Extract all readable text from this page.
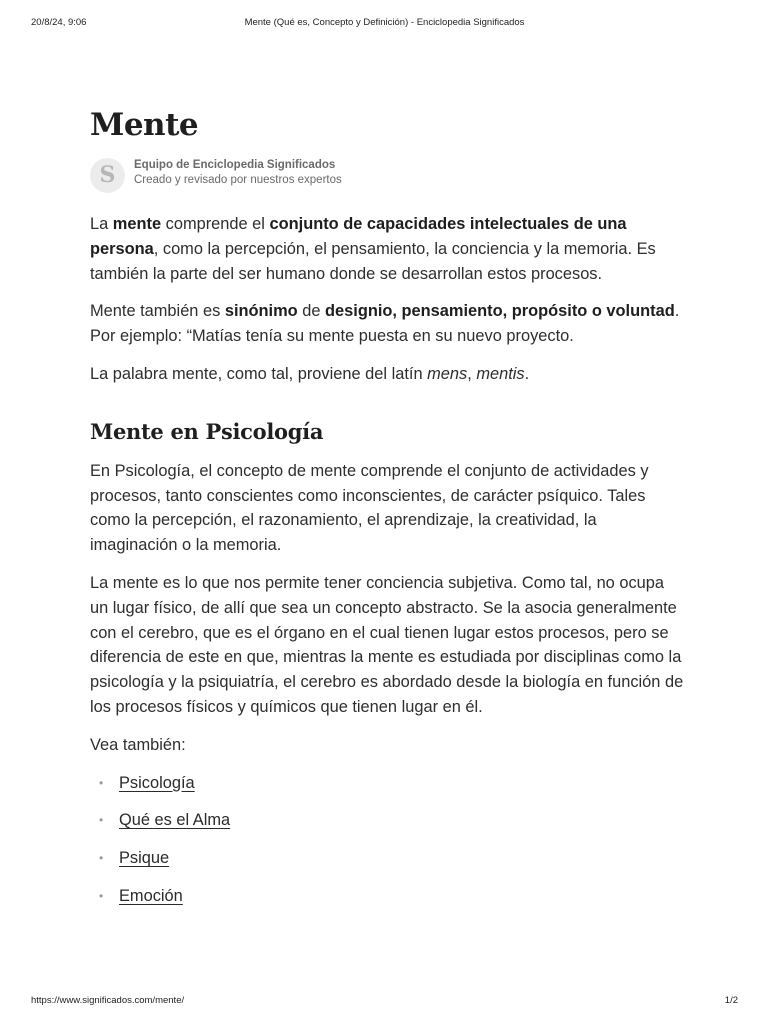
20/8/24, 9:06	Mente (Qué es, Concepto y Definición) - Enciclopedia Significados
Mente
S	Equipo de Enciclopedia Significados
Creado y revisado por nuestros expertos

La mente comprende el conjunto de capacidades intelectuales de una persona, como la percepción, el pensamiento, la conciencia y la memoria. Es también la parte del ser humano donde se desarrollan estos procesos.

Mente también es sinónimo de designio, pensamiento, propósito o voluntad. Por ejemplo: “Matías tenía su mente puesta en su nuevo proyecto.

La palabra mente, como tal, proviene del latín mens, mentis.

Mente en Psicología

En Psicología, el concepto de mente comprende el conjunto de actividades y procesos, tanto conscientes como inconscientes, de carácter psíquico. Tales como la percepción, el razonamiento, el aprendizaje, la creatividad, la imaginación o la memoria.

La mente es lo que nos permite tener conciencia subjetiva. Como tal, no ocupa un lugar físico, de allí que sea un concepto abstracto. Se la asocia generalmente con el cerebro, que es el órgano en el cual tienen lugar estos procesos, pero se diferencia de este en que, mientras la mente es estudiada por disciplinas como la psicología y la psiquiatría, el cerebro es abordado desde la biología en función de los procesos físicos y químicos que tienen lugar en él.

Vea también:

• Psicología
• Qué es el Alma
• Psique
• Emoción
https://www.significados.com/mente/	1/2
